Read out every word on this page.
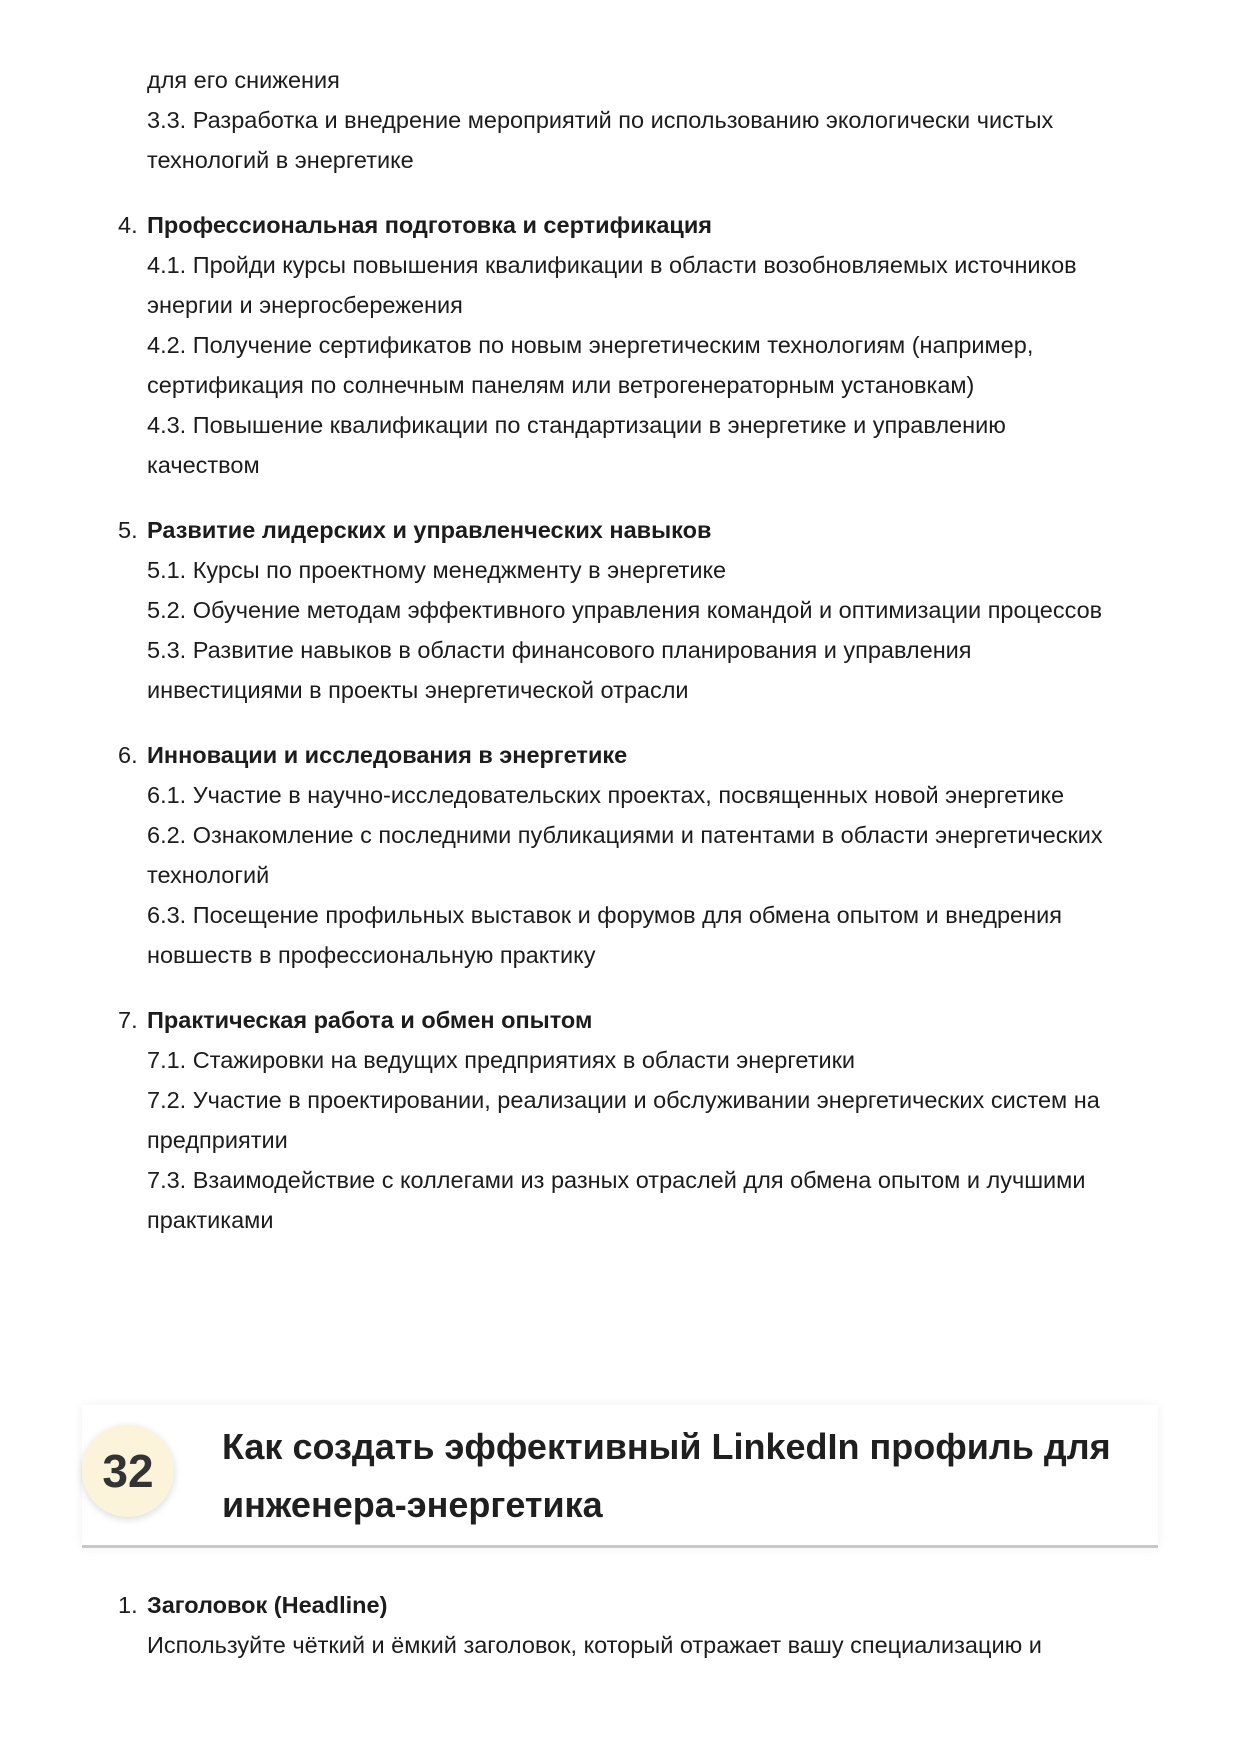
для его снижения

3.3. Разработка и внедрение мероприятий по использованию экологически чистых

технологий в энергетике

4. Профессиональная подготовка и сертификация

4.1. Пройди курсы повышения квалификации в области возобновляемых источников

энергии и энергосбережения

4.2. Получение сертификатов по новым энергетическим технологиям (например,

сертификация по солнечным панелям или ветрогенераторным установкам)

4.3. Повышение квалификации по стандартизации в энергетике и управлению

качеством

5. Развитие лидерских и управленческих навыков

5.1. Курсы по проектному менеджменту в энергетике

5.2. Обучение методам эффективного управления командой и оптимизации процессов

5.3. Развитие навыков в области финансового планирования и управления

инвестициями в проекты энергетической отрасли

6. Инновации и исследования в энергетике

6.1. Участие в научно-исследовательских проектах, посвященных новой энергетике

6.2. Ознакомление с последними публикациями и патентами в области энергетических

технологий

6.3. Посещение профильных выставок и форумов для обмена опытом и внедрения

новшеств в профессиональную практику

7. Практическая работа и обмен опытом

7.1. Стажировки на ведущих предприятиях в области энергетики

7.2. Участие в проектировании, реализации и обслуживании энергетических систем на

предприятии

7.3. Взаимодействие с коллегами из разных отраслей для обмена опытом и лучшими

практиками

32	Как создать эффективный LinkedIn профиль для
инженера-энергетика

1. Заголовок (Headline)

Используйте чёткий и ёмкий заголовок, который отражает вашу специализацию и
